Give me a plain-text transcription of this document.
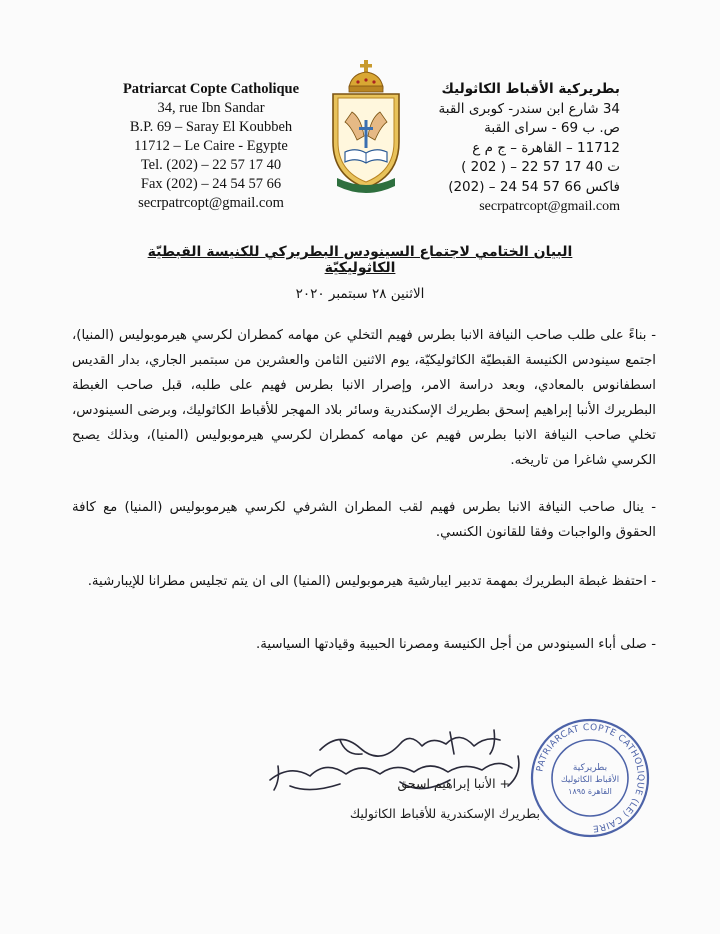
Patriarcat Copte Catholique
34, rue Ibn Sandar
B.P. 69 – Saray El Koubbeh
11712 – Le Caire - Egypte
Tel. (202) – 22 57 17 40
Fax (202) – 24 54 57 66
secrpatrcopt@gmail.com
بطريركية الأقباط الكاثوليك
34 شارع ابن سندر- كوبرى القبة
ص. ب 69 - سراى القبة
11712 – القاهرة – ج م ع
ت 40 17 57 22 – ( 202 )
فاكس 66 57 54 24 – (202)
secrpatrcopt@gmail.com
البيان الختامي لاجتماع السينودس البطريركي للكنيسة القبطيّة الكاثوليكيّة
الاثنين ٢٨ سبتمبر ٢٠٢٠
- بناءً على طلب صاحب النيافة الانبا بطرس فهيم التخلي عن مهامه كمطران لكرسي هيرموبوليس (المنيا)، اجتمع سينودس الكنيسة القبطيّة الكاثوليكيّة، يوم الاثنين الثامن والعشرين من سبتمبر الجاري، بدار القديس اسطفانوس بالمعادي، وبعد دراسة الامر، وإصرار الانبا بطرس فهيم على طلبه، قبل صاحب الغبطة البطريرك الأنبا إبراهيم إسحق بطريرك الإسكندرية وسائر بلاد المهجر للأقباط الكاثوليك، وبرضى السينودس، تخلي صاحب النيافة الانبا بطرس فهيم عن مهامه كمطران لكرسي هيرموبوليس (المنيا)، وبذلك يصبح الكرسي شاغرا من تاريخه.
- ينال صاحب النيافة الانبا بطرس فهيم لقب المطران الشرفي لكرسي هيرموبوليس (المنيا) مع كافة الحقوق والواجبات وفقا للقانون الكنسي.
- احتفظ غبطة البطريرك بمهمة تدبير ايبارشية هيرموبوليس (المنيا) الى ان يتم تجليس مطرانا للإيبارشية.
- صلى أباء السينودس من أجل الكنيسة ومصرنا الحبيبة وقيادتها السياسية.
+ الأنبا إبراهيم اسحق
بطريرك الإسكندرية للأقباط الكاثوليك
PATRIARCAT COPTE CATHOLIQUE (LE) CAIRE
بطريركية
الأقباط الكاثوليك
القاهرة ١٨٩٥
